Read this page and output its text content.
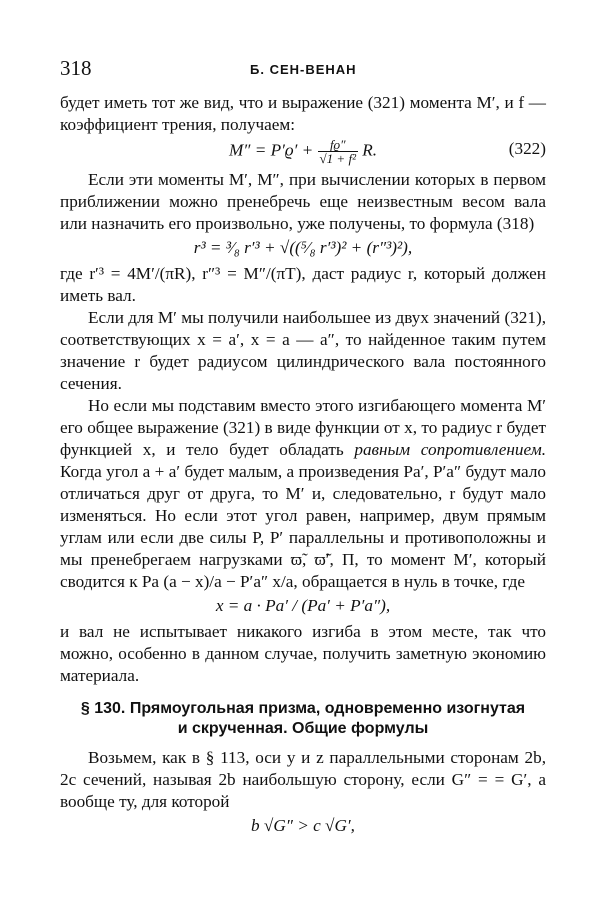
318	Б. СЕН-ВЕНАН

будет иметь тот же вид, что и выражение (321) момента M′, и f — коэффициент трения, получаем:

$M'' = P'ϱ' + \frac{fϱ''}{\text{√1 + f²}} R$.	(322)

Если эти моменты M′, M″, при вычислении которых в первом приближении можно пренебречь еще неизвестным весом вала или назначить его произвольно, уже получены, то формула (318)

r³ = ³⁄₈ r′³ + √((⁵⁄₈ r′³)² + (r″³)²),

где r′³ = 4M′/(πR), r″³ = M″/(πT), даст радиус r, который должен иметь вал.

Если для M′ мы получили наибольшее из двух значений (321), соответствующих x = a′, x = a — a″, то найденное таким путем значение r будет радиусом цилиндрического вала постоянного сечения.

Но если мы подставим вместо этого изгибающего момента M′ его общее выражение (321) в виде функции от x, то радиус r будет функцией x, и тело будет обладать равным сопротивлением. Когда угол a + a′ будет малым, а произведения Pa′, P′a″ будут мало отличаться друг от друга, то M′ и, следовательно, r будут мало изменяться. Но если этот угол равен, например, двум прямым углам или если две силы P, P′ параллельны и противоположны и мы пренебрегаем нагрузками ϖ̃, ϖ̃′, Π, то момент M′, который сводится к Pa (a − x)/a − P′a″ x/a, обращается в нуль в точке, где

x = a · Pa′ / (Pa′ + P′a″),

и вал не испытывает никакого изгиба в этом месте, так что можно, особенно в данном случае, получить заметную экономию материала.

§ 130. Прямоугольная призма, одновременно изогнутая
и скрученная. Общие формулы

Возьмем, как в § 113, оси y и z параллельными сторонам 2b, 2c сечений, называя 2b наибольшую сторону, если G″ = = G′, а вообще ту, для которой

b √G″ > c √G′,
